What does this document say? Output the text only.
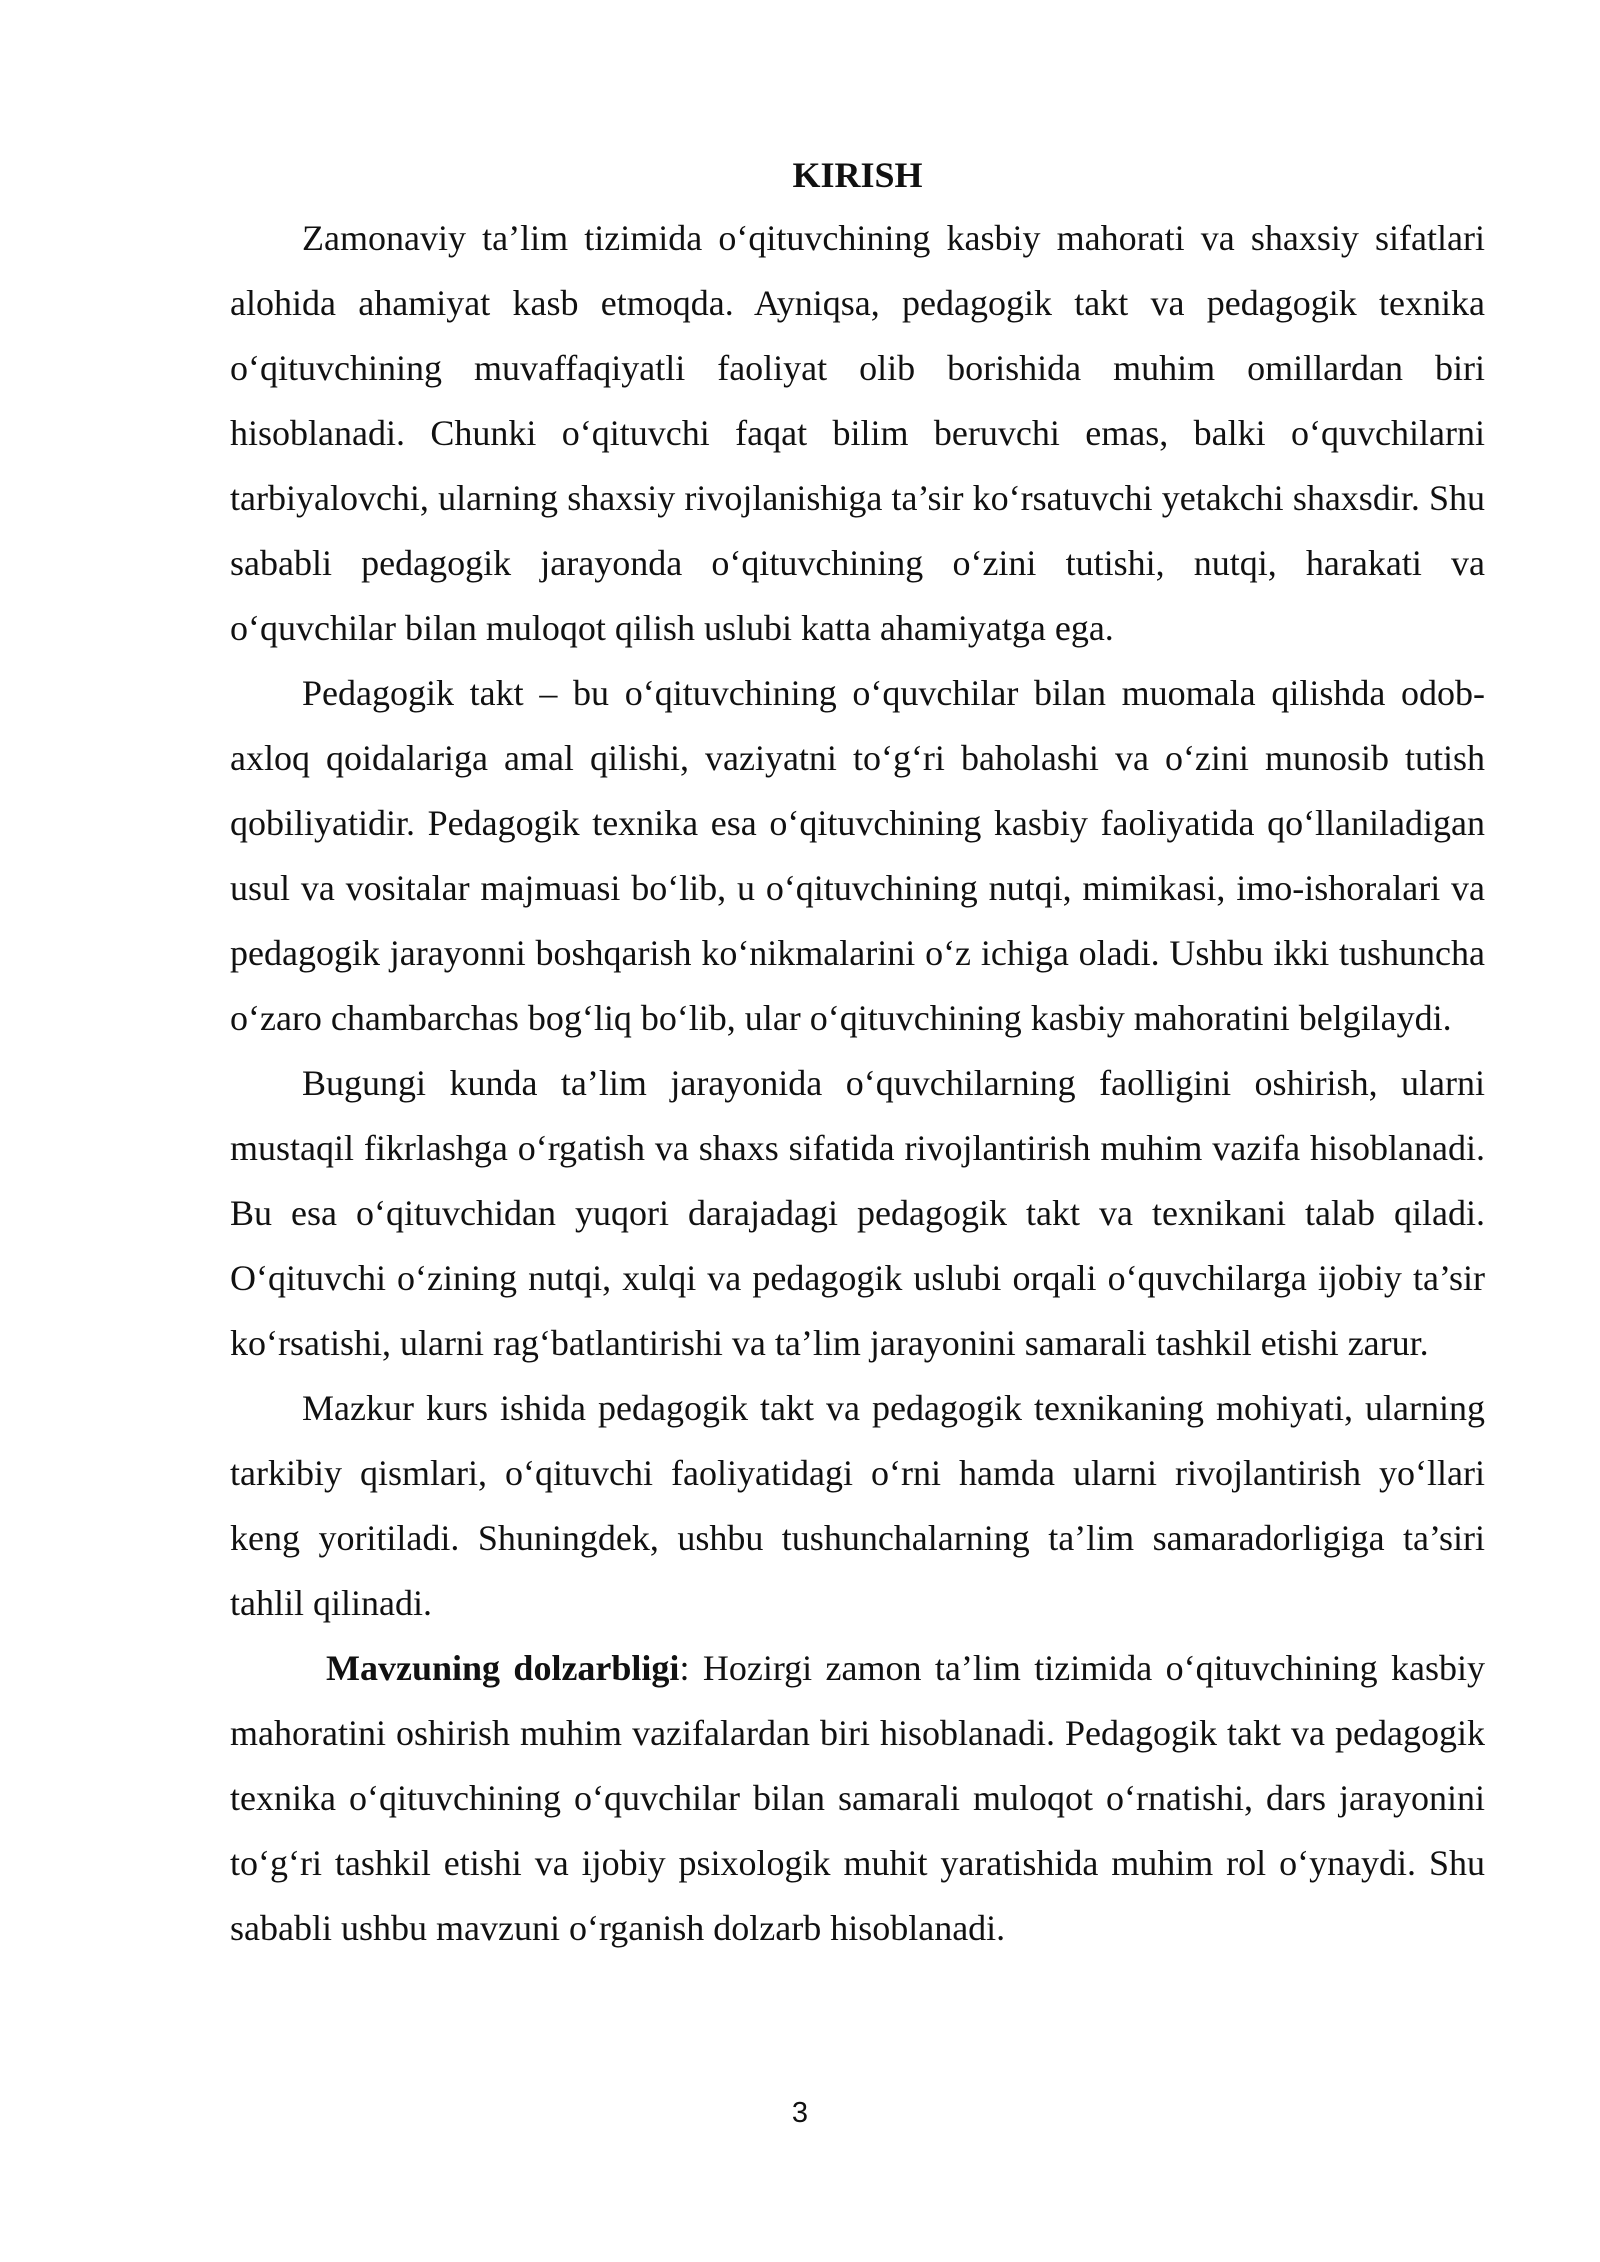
KIRISH

Zamonaviy ta’lim tizimida o‘qituvchining kasbiy mahorati va shaxsiy sifatlari alohida ahamiyat kasb etmoqda. Ayniqsa, pedagogik takt va pedagogik texnika o‘qituvchining muvaffaqiyatli faoliyat olib borishida muhim omillardan biri hisoblanadi. Chunki o‘qituvchi faqat bilim beruvchi emas, balki o‘quvchilarni tarbiyalovchi, ularning shaxsiy rivojlanishiga ta’sir ko‘rsatuvchi yetakchi shaxsdir. Shu sababli pedagogik jarayonda o‘qituvchining o‘zini tutishi, nutqi, harakati va o‘quvchilar bilan muloqot qilish uslubi katta ahamiyatga ega.

Pedagogik takt – bu o‘qituvchining o‘quvchilar bilan muomala qilishda odob-axloq qoidalariga amal qilishi, vaziyatni to‘g‘ri baholashi va o‘zini munosib tutish qobiliyatidir. Pedagogik texnika esa o‘qituvchining kasbiy faoliyatida qo‘llaniladigan usul va vositalar majmuasi bo‘lib, u o‘qituvchining nutqi, mimikasi, imo-ishoralari va pedagogik jarayonni boshqarish ko‘nikmalarini o‘z ichiga oladi. Ushbu ikki tushuncha o‘zaro chambarchas bog‘liq bo‘lib, ular o‘qituvchining kasbiy mahoratini belgilaydi.

Bugungi kunda ta’lim jarayonida o‘quvchilarning faolligini oshirish, ularni mustaqil fikrlashga o‘rgatish va shaxs sifatida rivojlantirish muhim vazifa hisoblanadi. Bu esa o‘qituvchidan yuqori darajadagi pedagogik takt va texnikani talab qiladi. O‘qituvchi o‘zining nutqi, xulqi va pedagogik uslubi orqali o‘quvchilarga ijobiy ta’sir ko‘rsatishi, ularni rag‘batlantirishi va ta’lim jarayonini samarali tashkil etishi zarur.

Mazkur kurs ishida pedagogik takt va pedagogik texnikaning mohiyati, ularning tarkibiy qismlari, o‘qituvchi faoliyatidagi o‘rni hamda ularni rivojlantirish yo‘llari keng yoritiladi. Shuningdek, ushbu tushunchalarning ta’lim samaradorligiga ta’siri tahlil qilinadi.

Mavzuning dolzarbligi: Hozirgi zamon ta’lim tizimida o‘qituvchining kasbiy mahoratini oshirish muhim vazifalardan biri hisoblanadi. Pedagogik takt va pedagogik texnika o‘qituvchining o‘quvchilar bilan samarali muloqot o‘rnatishi, dars jarayonini to‘g‘ri tashkil etishi va ijobiy psixologik muhit yaratishida muhim rol o‘ynaydi. Shu sababli ushbu mavzuni o‘rganish dolzarb hisoblanadi.

3
